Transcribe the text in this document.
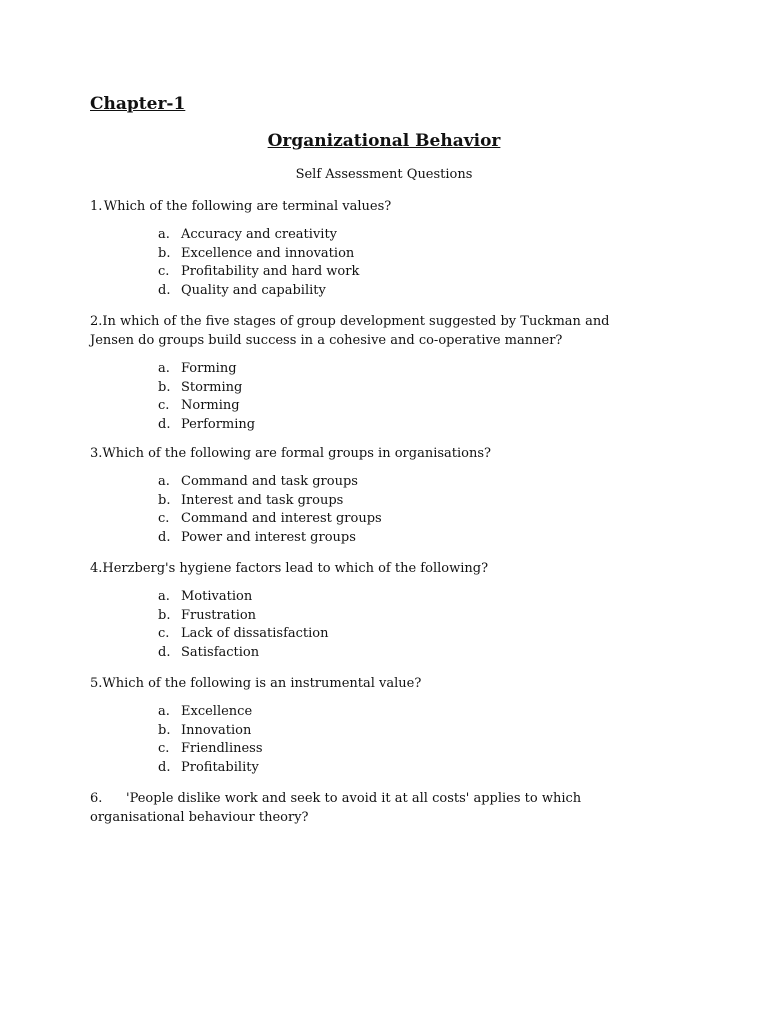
Chapter-1
Organizational Behavior
Self Assessment Questions

1. Which of the following are terminal values?

a. Accuracy and creativity
b. Excellence and innovation
c. Profitability and hard work
d. Quality and capability

2.In which of the five stages of group development suggested by Tuckman and Jensen do groups build success in a cohesive and co-operative manner?

a. Forming
b. Storming
c. Norming
d. Performing

3.Which of the following are formal groups in organisations?

a. Command and task groups
b. Interest and task groups
c. Command and interest groups
d. Power and interest groups

4.Herzberg's hygiene factors lead to which of the following?

a. Motivation
b. Frustration
c. Lack of dissatisfaction
d. Satisfaction

5.Which of the following is an instrumental value?

a. Excellence
b. Innovation
c. Friendliness
d. Profitability

6. 'People dislike work and seek to avoid it at all costs' applies to which organisational behaviour theory?
